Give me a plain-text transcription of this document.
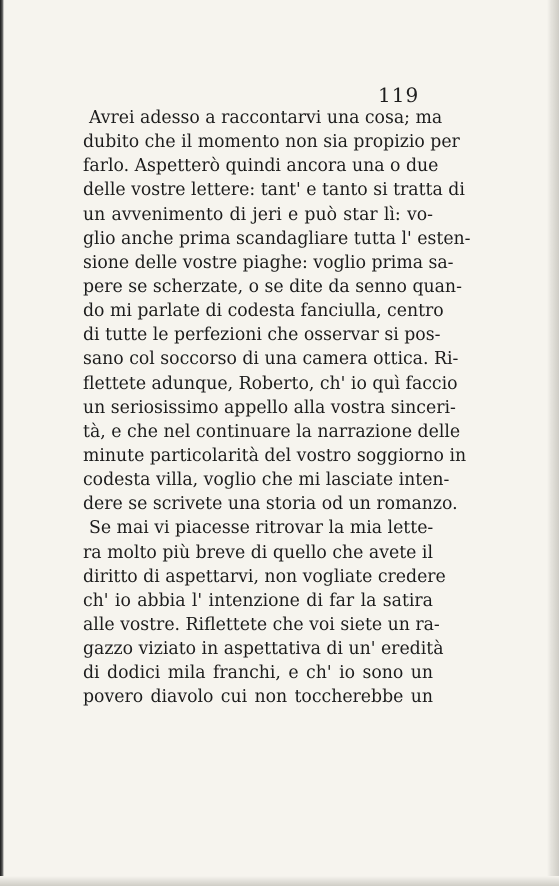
119
Avrei adesso a raccontarvi una cosa; ma
dubito che il momento non sia propizio per
farlo. Aspetterò quindi ancora una o due
delle vostre lettere: tant' e tanto si tratta di
un avvenimento di jeri e può star lì: vo-
glio anche prima scandagliare tutta l' esten-
sione delle vostre piaghe: voglio prima sa-
pere se scherzate, o se dite da senno quan-
do mi parlate di codesta fanciulla, centro
di tutte le perfezioni che osservar si pos-
sano col soccorso di una camera ottica. Ri-
flettete adunque, Roberto, ch' io quì faccio
un seriosissimo appello alla vostra sinceri-
tà, e che nel continuare la narrazione delle
minute particolarità del vostro soggiorno in
codesta villa, voglio che mi lasciate inten-
dere se scrivete una storia od un romanzo.
Se mai vi piacesse ritrovar la mia lette-
ra molto più breve di quello che avete il
diritto di aspettarvi, non vogliate credere
ch' io abbia l' intenzione di far la satira
alle vostre. Riflettete che voi siete un ra-
gazzo viziato in aspettativa di un' eredità
di dodici mila franchi, e ch' io sono un
povero diavolo cui non toccherebbe un
